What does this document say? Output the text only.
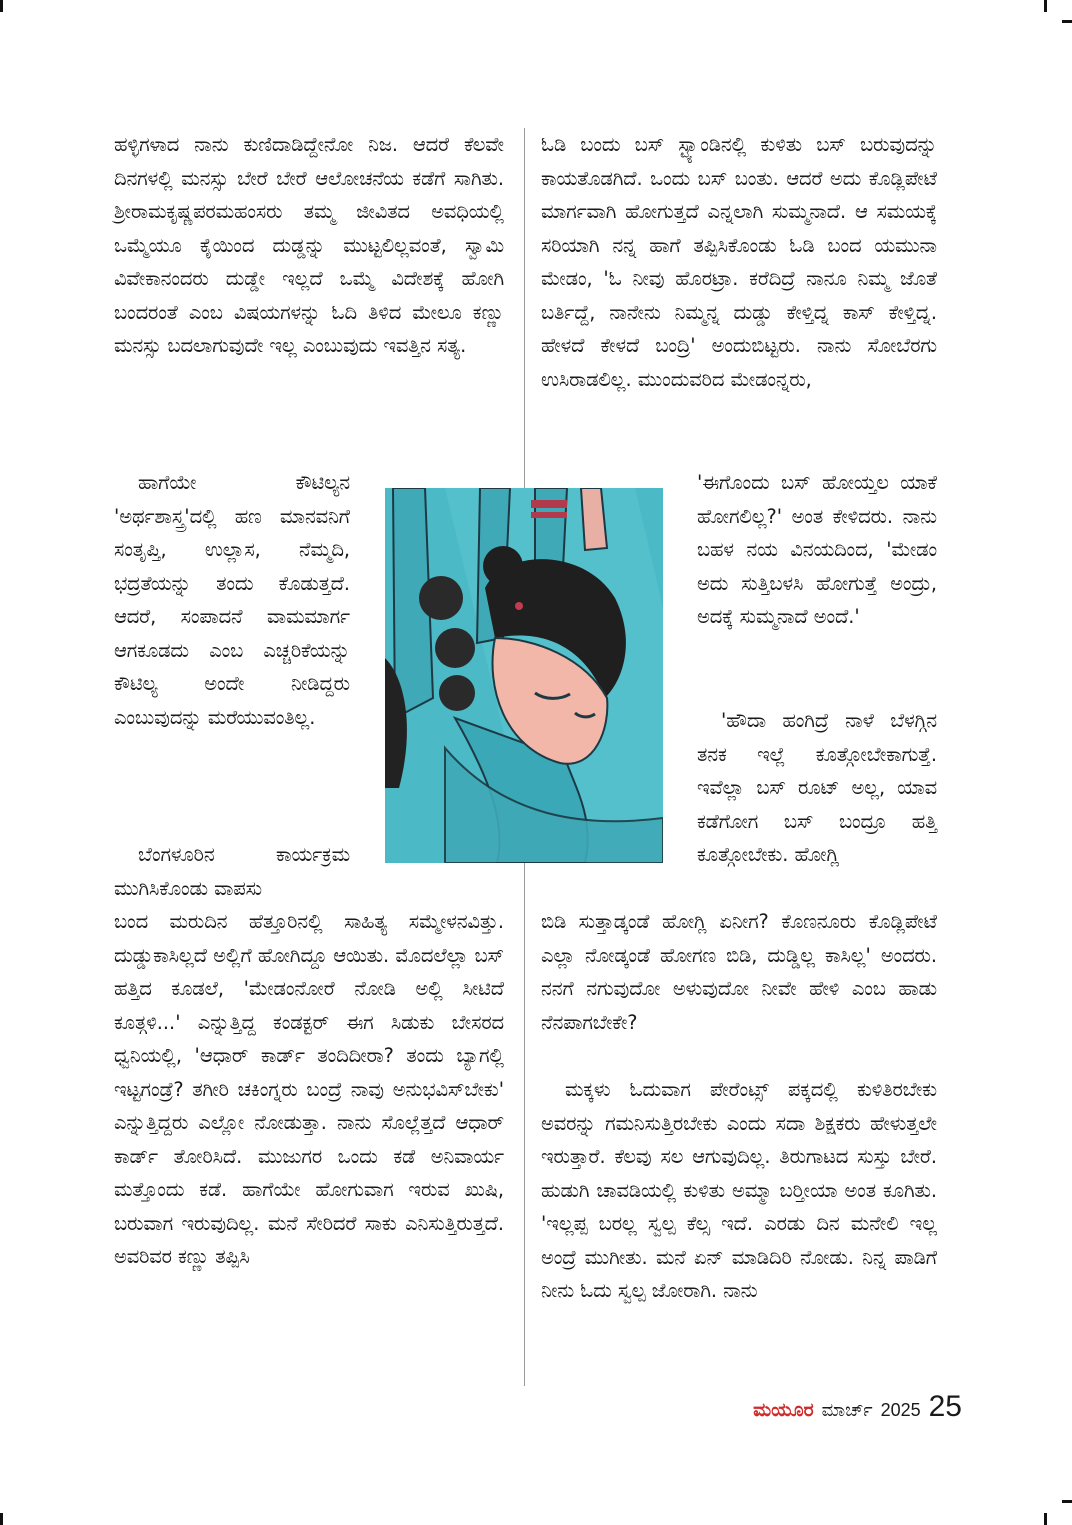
ಹಳ್ಳಿಗಳಾದ ನಾನು ಕುಣಿದಾಡಿದ್ದೇನೋ ನಿಜ. ಆದರೆ ಕೆಲವೇ ದಿನಗಳಲ್ಲಿ ಮನಸ್ಸು ಬೇರೆ ಬೇರೆ ಆಲೋಚನೆಯ ಕಡೆಗೆ ಸಾಗಿತು. ಶ್ರೀರಾಮಕೃಷ್ಣಪರಮಹಂಸರು ತಮ್ಮ ಜೀವಿತದ ಅವಧಿಯಲ್ಲಿ ಒಮ್ಮೆಯೂ ಕೈಯಿಂದ ದುಡ್ಡನ್ನು ಮುಟ್ಟಲಿಲ್ಲವಂತೆ, ಸ್ವಾಮಿ ವಿವೇಕಾನಂದರು ದುಡ್ಡೇ ಇಲ್ಲದೆ ಒಮ್ಮೆ ವಿದೇಶಕ್ಕೆ ಹೋಗಿ ಬಂದರಂತೆ ಎಂಬ ವಿಷಯಗಳನ್ನು ಓದಿ ತಿಳಿದ ಮೇಲೂ ಕಣ್ಣು ಮನಸ್ಸು ಬದಲಾಗುವುದೇ ಇಲ್ಲ ಎಂಬುವುದು ಇವತ್ತಿನ ಸತ್ಯ.

ಹಾಗೆಯೇ ಕೌಟಿಲ್ಯನ 'ಅರ್ಥಶಾಸ್ತ್ರ'ದಲ್ಲಿ ಹಣ ಮಾನವನಿಗೆ ಸಂತೃಪ್ತಿ, ಉಲ್ಲಾಸ, ನೆಮ್ಮದಿ, ಭದ್ರತೆಯನ್ನು ತಂದು ಕೊಡುತ್ತದೆ. ಆದರೆ, ಸಂಪಾದನೆ ವಾಮಮಾರ್ಗ ಆಗಕೂಡದು ಎಂಬ ಎಚ್ಚರಿಕೆಯನ್ನು ಕೌಟಿಲ್ಯ ಅಂದೇ ನೀಡಿದ್ದರು ಎಂಬುವುದನ್ನು ಮರೆಯುವಂತಿಲ್ಲ.

ಬೆಂಗಳೂರಿನ ಕಾರ್ಯಕ್ರಮ ಮುಗಿಸಿಕೊಂಡು ವಾಪಸು

ಬಂದ ಮರುದಿನ ಹೆತ್ತೂರಿನಲ್ಲಿ ಸಾಹಿತ್ಯ ಸಮ್ಮೇಳನವಿತ್ತು. ದುಡ್ಡುಕಾಸಿಲ್ಲದೆ ಅಲ್ಲಿಗೆ ಹೋಗಿದ್ದೂ ಆಯಿತು. ಮೊದಲೆಲ್ಲಾ ಬಸ್ ಹತ್ತಿದ ಕೂಡಲೆ, 'ಮೇಡಂನೋರೆ ನೋಡಿ ಅಲ್ಲಿ ಸೀಟಿದೆ ಕೂತ್ಗಳಿ...' ಎನ್ನುತ್ತಿದ್ದ ಕಂಡಕ್ಟರ್ ಈಗ ಸಿಡುಕು ಬೇಸರದ ಧ್ವನಿಯಲ್ಲಿ, 'ಆಧಾರ್ ಕಾರ್ಡ್ ತಂದಿದೀರಾ? ತಂದು ಬ್ಯಾಗಲ್ಲಿ ಇಟ್ಟಗಂಡ್ರೆ? ತಗೀರಿ ಚಕಿಂಗ್ನರು ಬಂದ್ರೆ ನಾವು ಅನುಭವಿಸ್‌ಬೇಕು' ಎನ್ನುತ್ತಿದ್ದರು ಎಲ್ಲೋ ನೋಡುತ್ತಾ. ನಾನು ಸೊಲ್ಲೆತ್ತದೆ ಆಧಾರ್ ಕಾರ್ಡ್ ತೋರಿಸಿದೆ. ಮುಜುಗರ ಒಂದು ಕಡೆ ಅನಿವಾರ್ಯ ಮತ್ತೊಂದು ಕಡೆ. ಹಾಗೆಯೇ ಹೋಗುವಾಗ ಇರುವ ಖುಷಿ, ಬರುವಾಗ ಇರುವುದಿಲ್ಲ. ಮನೆ ಸೇರಿದರೆ ಸಾಕು ಎನಿಸುತ್ತಿರುತ್ತದೆ. ಅವರಿವರ ಕಣ್ಣು ತಪ್ಪಿಸಿ

ಓಡಿ ಬಂದು ಬಸ್ ಸ್ಟ್ಯಾಂಡಿನಲ್ಲಿ ಕುಳಿತು ಬಸ್ ಬರುವುದನ್ನು ಕಾಯತೊಡಗಿದೆ. ಒಂದು ಬಸ್ ಬಂತು. ಆದರೆ ಅದು ಕೊಡ್ಲಿಪೇಟೆ ಮಾರ್ಗವಾಗಿ ಹೋಗುತ್ತದೆ ಎನ್ನಲಾಗಿ ಸುಮ್ಮನಾದೆ. ಆ ಸಮಯಕ್ಕೆ ಸರಿಯಾಗಿ ನನ್ನ ಹಾಗೆ ತಪ್ಪಿಸಿಕೊಂಡು ಓಡಿ ಬಂದ ಯಮುನಾ ಮೇಡಂ, 'ಓ ನೀವು ಹೊರಟ್ರಾ. ಕರೆದಿದ್ರೆ ನಾನೂ ನಿಮ್ಮ ಜೊತೆ ಬರ್ತಿದ್ದೆ, ನಾನೇನು ನಿಮ್ಮನ್ನ ದುಡ್ಡು ಕೇಳ್ತಿದ್ನ ಕಾಸ್ ಕೇಳ್ತಿದ್ನ. ಹೇಳದೆ ಕೇಳದೆ ಬಂದ್ರಿ' ಅಂದುಬಿಟ್ಟರು. ನಾನು ಸೋಬೆರಗು ಉಸಿರಾಡಲಿಲ್ಲ. ಮುಂದುವರಿದ ಮೇಡಂನ್ನರು,

'ಈಗೊಂದು ಬಸ್ ಹೋಯ್ತಲ ಯಾಕೆ ಹೋಗಲಿಲ್ಲ?' ಅಂತ ಕೇಳಿದರು. ನಾನು ಬಹಳ ನಯ ವಿನಯದಿಂದ, 'ಮೇಡಂ ಅದು ಸುತ್ತಿಬಳಸಿ ಹೋಗುತ್ತೆ ಅಂದ್ರು, ಅದಕ್ಕೆ ಸುಮ್ಮನಾದೆ ಅಂದೆ.'

'ಹೌದಾ ಹಂಗಿದ್ರೆ ನಾಳೆ ಬೆಳಗ್ಗಿನ ತನಕ ಇಲ್ಲೆ ಕೂತ್ಗೋಬೇಕಾಗುತ್ತೆ. ಇವೆಲ್ಲಾ ಬಸ್ ರೂಟ್ ಅಲ್ಲ, ಯಾವ ಕಡೆಗೋಗ ಬಸ್ ಬಂದ್ರೂ ಹತ್ತಿ ಕೂತ್ಗೋಬೇಕು. ಹೋಗ್ಲಿ

ಬಿಡಿ ಸುತ್ತಾಡ್ಕಂಡೆ ಹೋಗ್ಲಿ ಏನೀಗ? ಕೊಣನೂರು ಕೊಡ್ಲಿಪೇಟೆ ಎಲ್ಲಾ ನೋಡ್ಕಂಡೆ ಹೋಗಣ ಬಿಡಿ, ದುಡ್ಡಿಲ್ಲ ಕಾಸಿಲ್ಲ' ಅಂದರು. ನನಗೆ ನಗುವುದೋ ಅಳುವುದೋ ನೀವೇ ಹೇಳಿ ಎಂಬ ಹಾಡು ನೆನಪಾಗಬೇಕೇ?

ಮಕ್ಕಳು ಓದುವಾಗ ಪೇರೆಂಟ್ಸ್ ಪಕ್ಕದಲ್ಲಿ ಕುಳಿತಿರಬೇಕು ಅವರನ್ನು ಗಮನಿಸುತ್ತಿರಬೇಕು ಎಂದು ಸದಾ ಶಿಕ್ಷಕರು ಹೇಳುತ್ತಲೇ ಇರುತ್ತಾರೆ. ಕೆಲವು ಸಲ ಆಗುವುದಿಲ್ಲ. ತಿರುಗಾಟದ ಸುಸ್ತು ಬೇರೆ. ಹುಡುಗಿ ಚಾವಡಿಯಲ್ಲಿ ಕುಳಿತು ಅಮ್ಮಾ ಬರ್‍ತೀಯಾ ಅಂತ ಕೂಗಿತು. 'ಇಲ್ಲಪ್ಪ ಬರಲ್ಲ ಸ್ವಲ್ಪ ಕೆಲ್ಸ ಇದೆ. ಎರಡು ದಿನ ಮನೇಲಿ ಇಲ್ಲ ಅಂದ್ರೆ ಮುಗೀತು. ಮನೆ ಏನ್ ಮಾಡಿದಿರಿ ನೋಡು. ನಿನ್ನ ಪಾಡಿಗೆ ನೀನು ಓದು ಸ್ವಲ್ಪ ಜೋರಾಗಿ. ನಾನು

ಮಯೂರ ಮಾರ್ಚ್ 2025 25
